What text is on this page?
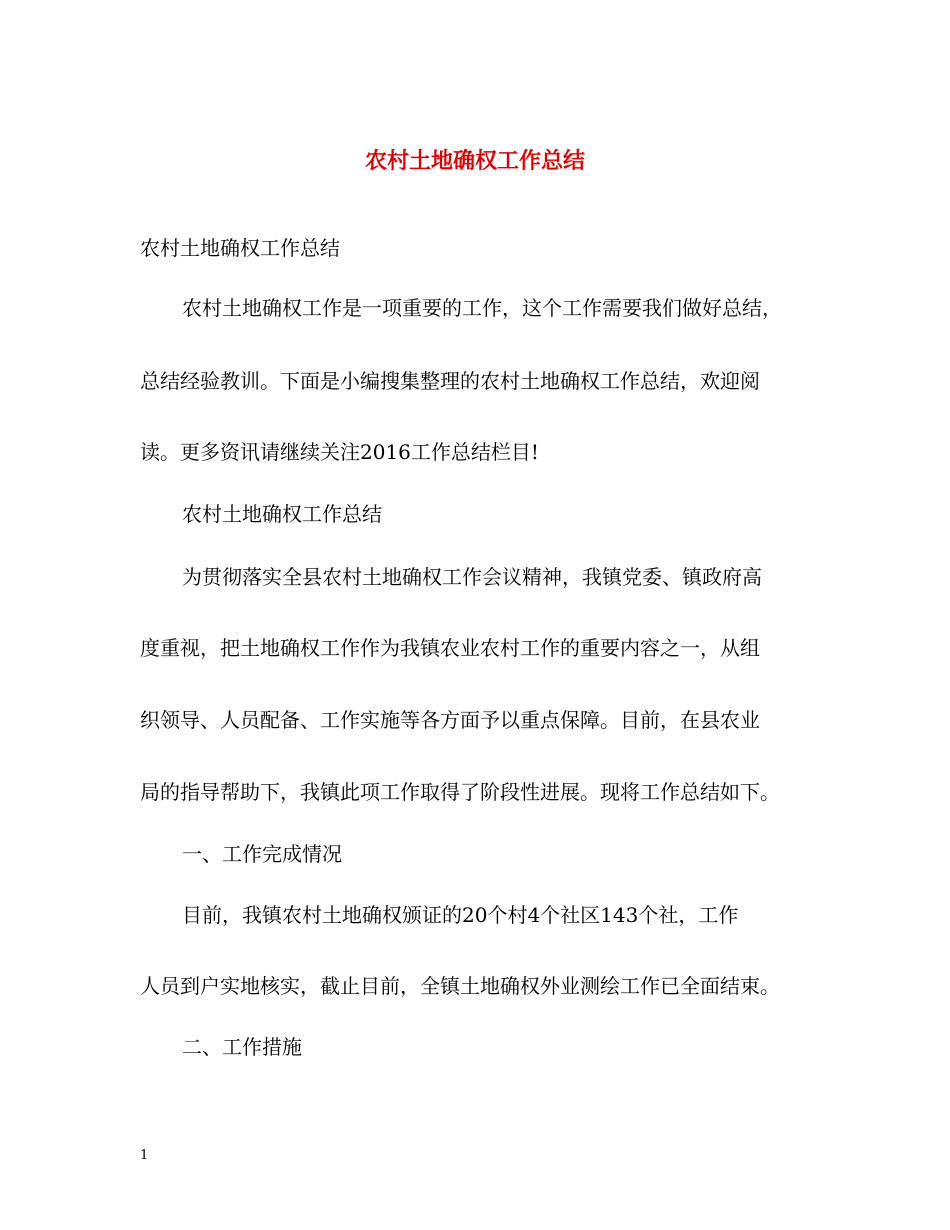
农村土地确权工作总结
农村土地确权工作总结
农村土地确权工作是一项重要的工作，这个工作需要我们做好总结，
总结经验教训。下面是小编搜集整理的农村土地确权工作总结，欢迎阅
读。更多资讯请继续关注2016工作总结栏目!
农村土地确权工作总结
为贯彻落实全县农村土地确权工作会议精神，我镇党委、镇政府高
度重视，把土地确权工作作为我镇农业农村工作的重要内容之一，从组
织领导、人员配备、工作实施等各方面予以重点保障。目前，在县农业
局的指导帮助下，我镇此项工作取得了阶段性进展。现将工作总结如下。
一、工作完成情况
目前，我镇农村土地确权颁证的20个村4个社区143个社，工作
人员到户实地核实，截止目前，全镇土地确权外业测绘工作已全面结束。
二、工作措施
1
